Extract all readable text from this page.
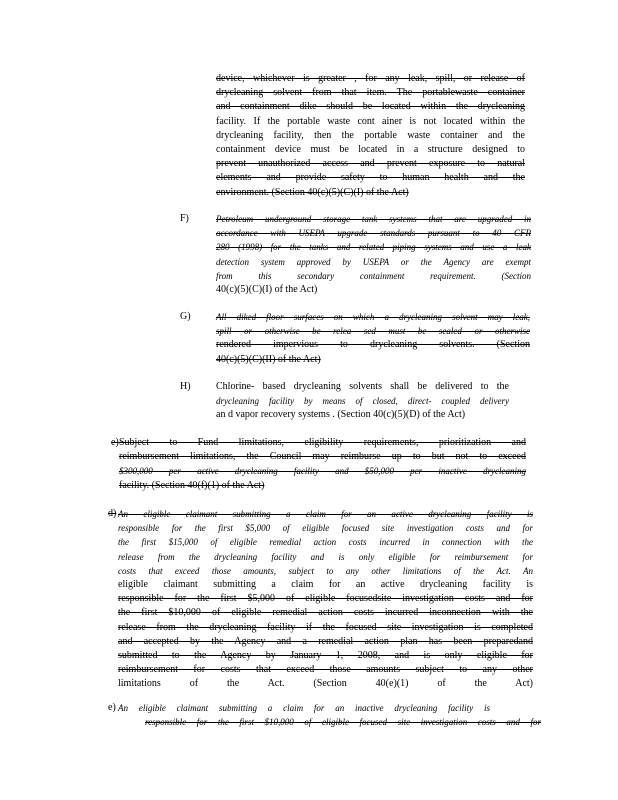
device, whichever is greater , for any leak, spill, or release of

drycleaning solvent from that item. The portablewaste container

and containment dike should be located within the drycleaning

facility. If the portable waste cont ainer is not located within the

drycleaning facility, then the portable waste container and the

containment device must be located in a structure designed to

prevent unauthorized access and prevent exposure to natural

elements and provide safety to human health and the

environment. (Section 40(c)(5)(C)(I) of the Act)

F)	Petroleum underground storage tank systems that are upgraded in

accordance with USEPA upgrade standards pursuant to 40 CFR

280 (1998) for the tanks and related piping systems and use a leak

detection system approved by USEPA or the Agency are exempt

from this secondary containment requirement. (Section

40(c)(5)(C)(I) of the Act)

G)	All diked floor surfaces on which a drycleaning solvent may leak,

spill or otherwise be relea sed must be sealed or otherwise

rendered impervious to drycleaning solvents. (Section

40(c)(5)(C)(II) of the Act)

H)	Chlorine- based drycleaning solvents shall be delivered to the

drycleaning facility by means of closed, direct- coupled delivery

an d vapor recovery systems . (Section 40(c)(5)(D) of the Act)

e) Subject to Fund limitations, eligibility requirements, prioritization and

reimbursement limitations, the Council may reimburse up to but not to exceed

$300,000 per active drycleaning facility and $50,000 per inactive drycleaning

facility. (Section 40(f)(1) of the Act)

d) An eligible claimant submitting a claim for an active drycleaning facility is

responsible for the first $5,000 of eligible focused site investigation costs and for

the first $15,000 of eligible remedial action costs incurred in connection with the

release from the drycleaning facility and is only eligible for reimbursement for

costs that exceed those amounts, subject to any other limitations of the Act. An

eligible claimant submitting a claim for an active drycleaning facility is

responsible for the first $5,000 of eligible focusedsite investigation costs and for

the first $10,000 of eligible remedial action costs incurred inconnection with the

release from the drycleaning facility if the focused site investigation is completed

and accepted by the Agency and a remedial action plan has been preparedand

submitted to the Agency by January 1, 2008, and is only eligible for

reimbursement for costs that exceed those amounts subject to any other

limitations of the Act. (Section 40(e)(1) of the Act)

e) An eligible claimant submitting a claim for an inactive drycleaning facility is

responsible for the first $10,000 of eligible focused site investigation costs and for
